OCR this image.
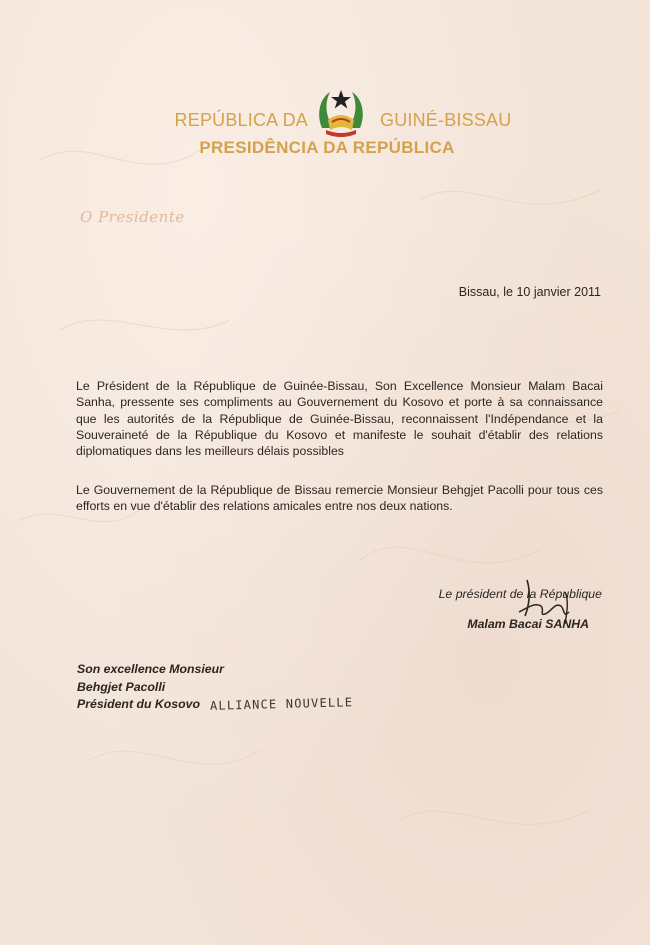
REPÚBLICA DA	GUINÉ-BISSAU
PRESIDÊNCIA DA REPÚBLICA
O Presidente
Bissau, le 10 janvier 2011
Le Président de la République de Guinée-Bissau, Son Excellence Monsieur Malam Bacai Sanha, pressente ses compliments au Gouvernement du Kosovo et porte à sa connaissance que les autorités de la République de Guinée-Bissau, reconnaissent l'Indépendance et la Souveraineté de la République du Kosovo et manifeste le souhait d'établir des relations diplomatiques dans les meilleurs délais possibles
Le Gouvernement de la République de Bissau remercie Monsieur Behgjet Pacolli pour tous ces efforts en vue d'établir des relations amicales entre nos deux nations.
Le président de la République
Malam Bacai SANHA
Son excellence Monsieur
Behgjet Pacolli
Président du Kosovo ALLIANCE NOUVELLE
